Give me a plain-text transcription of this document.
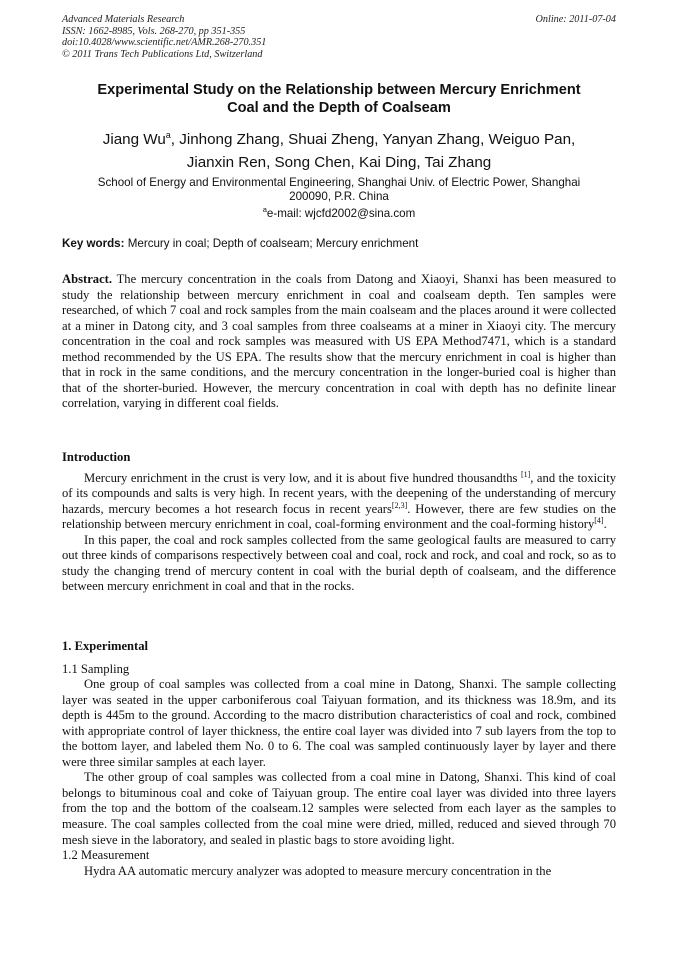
Advanced Materials Research
ISSN: 1662-8985, Vols. 268-270, pp 351-355
doi:10.4028/www.scientific.net/AMR.268-270.351
© 2011 Trans Tech Publications Ltd, Switzerland
Online: 2011-07-04
Experimental Study on the Relationship between Mercury Enrichment
Coal and the Depth of Coalseam
Jiang Wu$^a$, Jinhong Zhang, Shuai Zheng, Yanyan Zhang, Weiguo Pan,
Jianxin Ren, Song Chen, Kai Ding, Tai Zhang
School of Energy and Environmental Engineering, Shanghai Univ. of Electric Power, Shanghai
200090, P.R. China
$^a$e-mail: wjcfd2002@sina.com
Key words: Mercury in coal; Depth of coalseam; Mercury enrichment

Abstract. The mercury concentration in the coals from Datong and Xiaoyi, Shanxi has been measured to study the relationship between mercury enrichment in coal and coalseam depth. Ten samples were researched, of which 7 coal and rock samples from the main coalseam and the places around it were collected at a miner in Datong city, and 3 coal samples from three coalseams at a miner in Xiaoyi city. The mercury concentration in the coal and rock samples was measured with US EPA Method7471, which is a standard method recommended by the US EPA. The results show that the mercury enrichment in coal is higher than that in rock in the same conditions, and the mercury concentration in the longer-buried coal is higher than that of the shorter-buried. However, the mercury concentration in coal with depth has no definite linear correlation, varying in different coal fields.

Introduction

Mercury enrichment in the crust is very low, and it is about five hundred thousandths [1], and the toxicity of its compounds and salts is very high. In recent years, with the deepening of the understanding of mercury hazards, mercury becomes a hot research focus in recent years[2,3]. However, there are few studies on the relationship between mercury enrichment in coal, coal-forming environment and the coal-forming history[4].

In this paper, the coal and rock samples collected from the same geological faults are measured to carry out three kinds of comparisons respectively between coal and coal, rock and rock, and coal and rock, so as to study the changing trend of mercury content in coal with the burial depth of coalseam, and the difference between mercury enrichment in coal and that in the rocks.

1. Experimental

1.1 Sampling

One group of coal samples was collected from a coal mine in Datong, Shanxi. The sample collecting layer was seated in the upper carboniferous coal Taiyuan formation, and its thickness was 18.9m, and its depth is 445m to the ground. According to the macro distribution characteristics of coal and rock, combined with appropriate control of layer thickness, the entire coal layer was divided into 7 sub layers from the top to the bottom layer, and labeled them No. 0 to 6. The coal was sampled continuously layer by layer and there were three similar samples at each layer.

The other group of coal samples was collected from a coal mine in Datong, Shanxi. This kind of coal belongs to bituminous coal and coke of Taiyuan group. The entire coal layer was divided into three layers from the top and the bottom of the coalseam.12 samples were selected from each layer as the samples to measure. The coal samples collected from the coal mine were dried, milled, reduced and sieved through 70 mesh sieve in the laboratory, and sealed in plastic bags to store avoiding light.

1.2 Measurement

Hydra AA automatic mercury analyzer was adopted to measure mercury concentration in the
